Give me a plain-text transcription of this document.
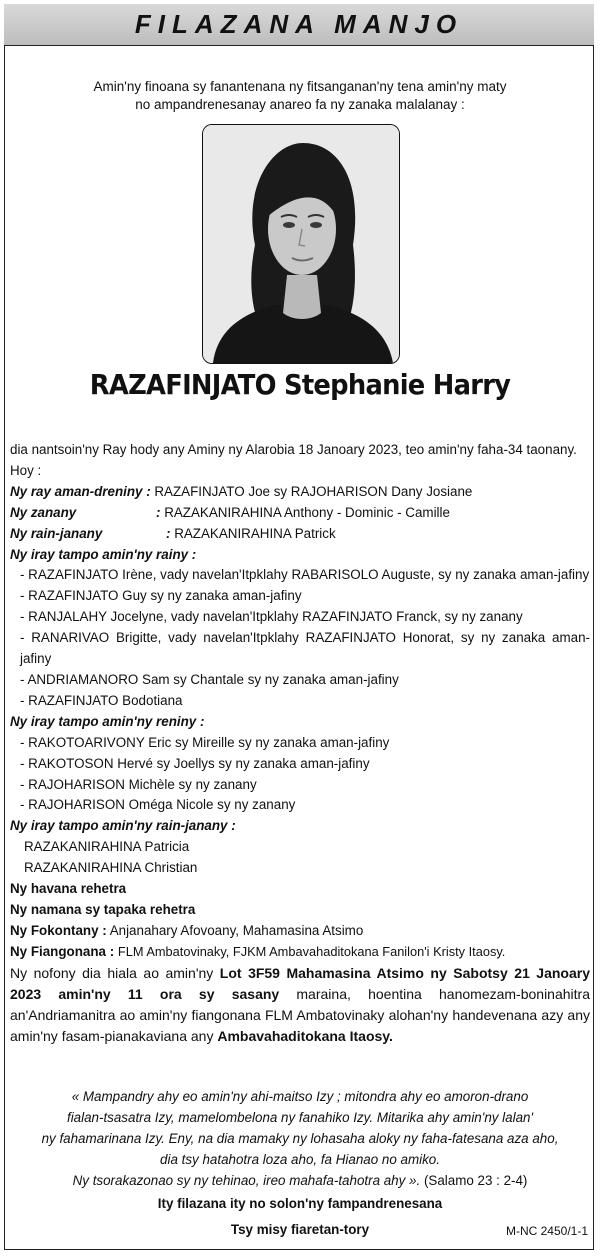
FILAZANA MANJO
Amin'ny finoana sy fanantenana ny fitsanganan'ny tena amin'ny maty
no ampandrenesanay anareo fa ny zanaka malalanay :
RAZAFINJATO Stephanie Harry

dia nantsoin'ny Ray hody any Aminy ny Alarobia 18 Janoary 2023, teo amin'ny faha-34 taonany.

Hoy :

Ny ray aman-dreniny : RAZAFINJATO Joe sy RAJOHARISON Dany Josiane

Ny zanany	: RAZAKANIRAHINA Anthony - Dominic - Camille

Ny rain-janany	: RAZAKANIRAHINA Patrick

Ny iray tampo amin'ny rainy :

- RAZAFINJATO Irène, vady navelan'Itpklahy RABARISOLO Auguste, sy ny zanaka aman-jafiny

- RAZAFINJATO Guy sy ny zanaka aman-jafiny

- RANJALAHY Jocelyne, vady navelan'Itpklahy RAZAFINJATO Franck, sy ny zanany

- RANARIVAO Brigitte, vady navelan'Itpklahy RAZAFINJATO Honorat, sy ny zanaka aman-jafiny

- ANDRIAMANORO Sam sy Chantale sy ny zanaka aman-jafiny

- RAZAFINJATO Bodotiana

Ny iray tampo amin'ny reniny :

- RAKOTOARIVONY Eric sy Mireille sy ny zanaka aman-jafiny

- RAKOTOSON Hervé sy Joellys sy ny zanaka aman-jafiny

- RAJOHARISON Michèle sy ny zanany

- RAJOHARISON Oméga Nicole sy ny zanany

Ny iray tampo amin'ny rain-janany :

RAZAKANIRAHINA Patricia

RAZAKANIRAHINA Christian

Ny havana rehetra

Ny namana sy tapaka rehetra

Ny Fokontany : Anjanahary Afovoany, Mahamasina Atsimo

Ny Fiangonana : FLM Ambatovinaky, FJKM Ambavahaditokana Fanilon'i Kristy Itaosy.

Ny nofony dia hiala ao amin'ny Lot 3F59 Mahamasina Atsimo ny Sabotsy 21 Janoary 2023 amin'ny 11 ora sy sasany maraina, hoentina hanomezam-boninahitra an'Andriamanitra ao amin'ny fiangonana FLM Ambatovinaky alohan'ny handevenana azy any amin'ny fasam-pianakaviana any Ambavahaditokana Itaosy.

« Mampandry ahy eo amin'ny ahi-maitso Izy ; mitondra ahy eo amoron-drano
fialan-tsasatra Izy, mamelombelona ny fanahiko Izy. Mitarika ahy amin'ny lalan'
ny fahamarinana Izy. Eny, na dia mamaky ny lohasaha aloky ny faha-fatesana aza aho,
dia tsy hatahotra loza aho, fa Hianao no amiko.
Ny tsorakazonao sy ny tehinao, ireo mahafa-tahotra ahy ». (Salamo 23 : 2-4)
Ity filazana ity no solon'ny fampandrenesana
Tsy misy fiaretan-tory	M-NC 2450/1-1
